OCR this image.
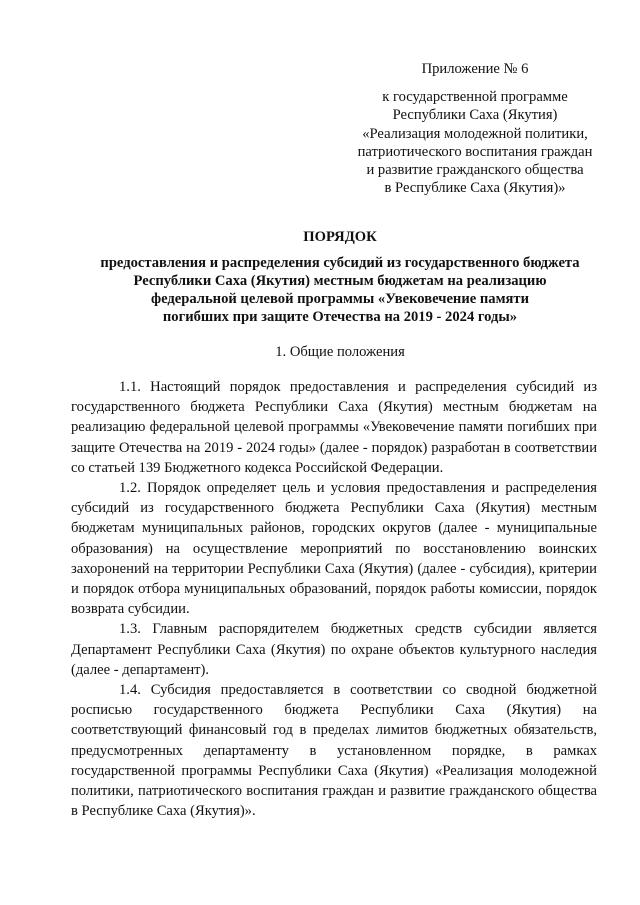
Приложение № 6
к государственной программе
Республики Саха (Якутия)
«Реализация молодежной политики,
патриотического воспитания граждан
и развитие гражданского общества
в Республике Саха (Якутия)»
ПОРЯДОК
предоставления и распределения субсидий из государственного бюджета
Республики Саха (Якутия) местным бюджетам на реализацию
федеральной целевой программы «Увековечение памяти
погибших при защите Отечества на 2019 - 2024 годы»
1. Общие положения

1.1. Настоящий порядок предоставления и распределения субсидий из государственного бюджета Республики Саха (Якутия) местным бюджетам на реализацию федеральной целевой программы «Увековечение памяти погибших при защите Отечества на 2019 - 2024 годы» (далее - порядок) разработан в соответствии со статьей 139 Бюджетного кодекса Российской Федерации.

1.2. Порядок определяет цель и условия предоставления и распределения субсидий из государственного бюджета Республики Саха (Якутия) местным бюджетам муниципальных районов, городских округов (далее - муниципальные образования) на осуществление мероприятий по восстановлению воинских захоронений на территории Республики Саха (Якутия) (далее - субсидия), критерии и порядок отбора муниципальных образований, порядок работы комиссии, порядок возврата субсидии.

1.3. Главным распорядителем бюджетных средств субсидии является Департамент Республики Саха (Якутия) по охране объектов культурного наследия (далее - департамент).

1.4. Субсидия предоставляется в соответствии со сводной бюджетной росписью государственного бюджета Республики Саха (Якутия) на соответствующий финансовый год в пределах лимитов бюджетных обязательств, предусмотренных департаменту в установленном порядке, в рамках государственной программы Республики Саха (Якутия) «Реализация молодежной политики, патриотического воспитания граждан и развитие гражданского общества в Республике Саха (Якутия)».
